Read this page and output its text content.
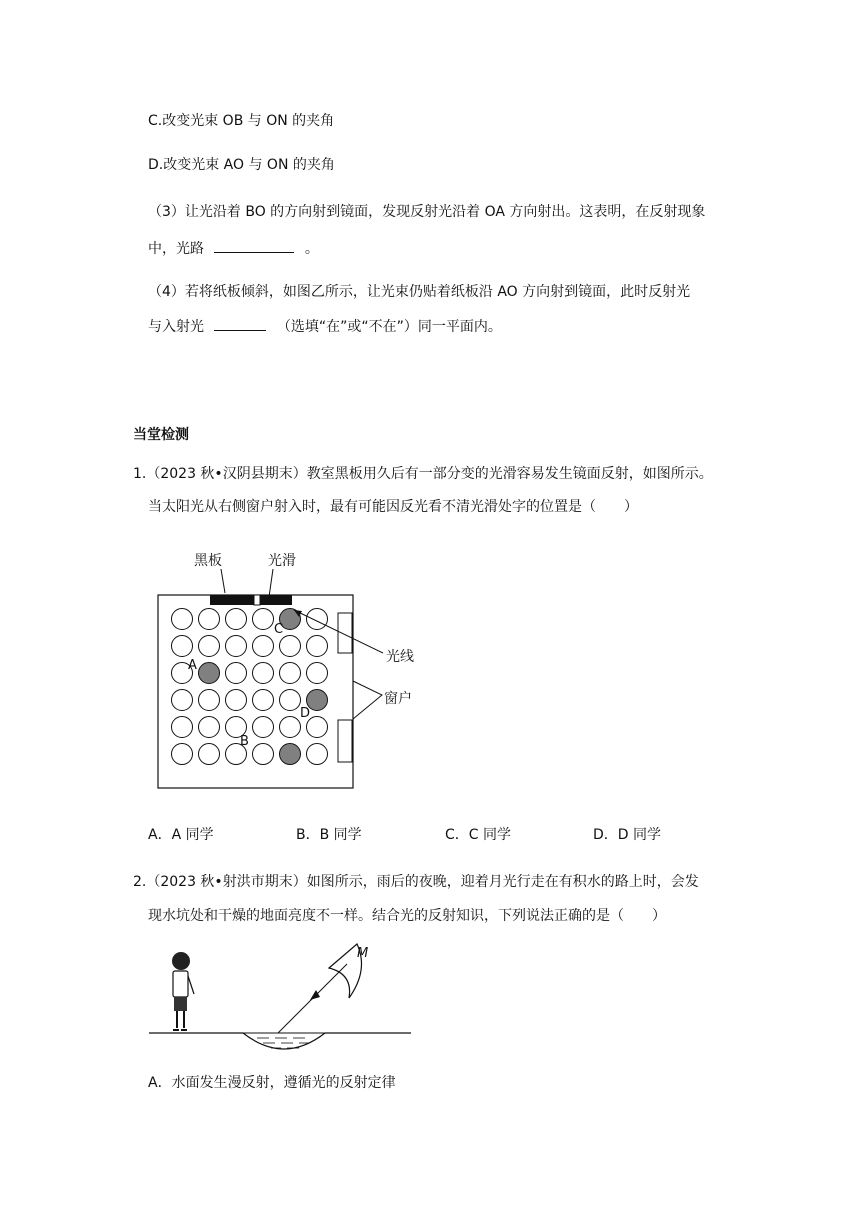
C.改变光束 OB 与 ON 的夹角
D.改变光束 AO 与 ON 的夹角
（3）让光沿着 BO 的方向射到镜面，发现反射光沿着 OA 方向射出。这表明，在反射现象
中，光路	。
（4）若将纸板倾斜，如图乙所示，让光束仍贴着纸板沿 AO 方向射到镜面，此时反射光
与入射光	（选填“在”或“不在”）同一平面内。
当堂检测
1.（2023 秋•汉阴县期末）教室黑板用久后有一部分变的光滑容易发生镜面反射，如图所示。
当太阳光从右侧窗户射入时，最有可能因反光看不清光滑处字的位置是（　　）
黑板	光滑
光线
窗户
A
B
C
D
A．A 同学	B．B 同学	C．C 同学	D．D 同学
2.（2023 秋•射洪市期末）如图所示，雨后的夜晚，迎着月光行走在有积水的路上时，会发
现水坑处和干燥的地面亮度不一样。结合光的反射知识，下列说法正确的是（　　）
M
A．水面发生漫反射，遵循光的反射定律
